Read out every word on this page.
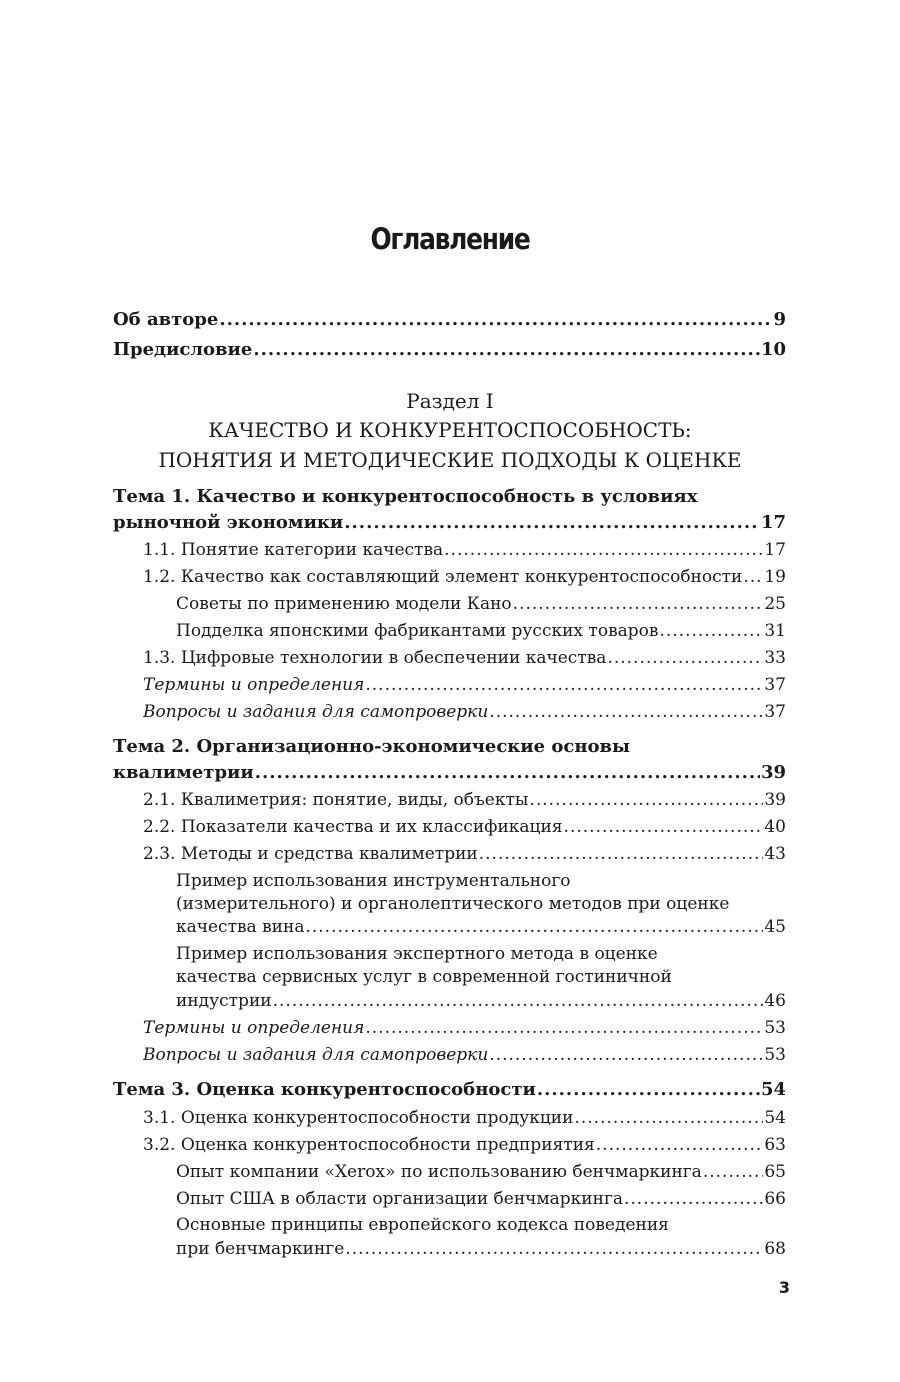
Оглавление
Об авторе .....	9
Предисловие .....	10
Раздел I
КАЧЕСТВО И КОНКУРЕНТОСПОСОБНОСТЬ:
ПОНЯТИЯ И МЕТОДИЧЕСКИЕ ПОДХОДЫ К ОЦЕНКЕ
Тема 1. Качество и конкурентоспособность в условиях
рыночной экономики .....	17
1.1. Понятие категории качества .....	17
1.2. Качество как составляющий элемент конкурентоспособности ..... 19
Советы по применению модели Кано .....	25
Подделка японскими фабрикантами русских товаров .....	31
1.3. Цифровые технологии в обеспечении качества .....	33
Термины и определения .....	37
Вопросы и задания для самопроверки .....	37
Тема 2. Организационно-экономические основы
квалиметрии .....	39
2.1. Квалиметрия: понятие, виды, объекты .....	39
2.2. Показатели качества и их классификация .....	40
2.3. Методы и средства квалиметрии .....	43
Пример использования инструментального
(измерительного) и органолептического методов при оценке
качества вина .....	45
Пример использования экспертного метода в оценке
качества сервисных услуг в современной гостиничной
индустрии .....	46
Термины и определения .....	53
Вопросы и задания для самопроверки .....	53
Тема 3. Оценка конкурентоспособности .....	54
3.1. Оценка конкурентоспособности продукции .....	54
3.2. Оценка конкурентоспособности предприятия .....	63
Опыт компании «Xerox» по использованию бенчмаркинга .....	65
Опыт США в области организации бенчмаркинга .....	66
Основные принципы европейского кодекса поведения
при бенчмаркинге .....	68
3
